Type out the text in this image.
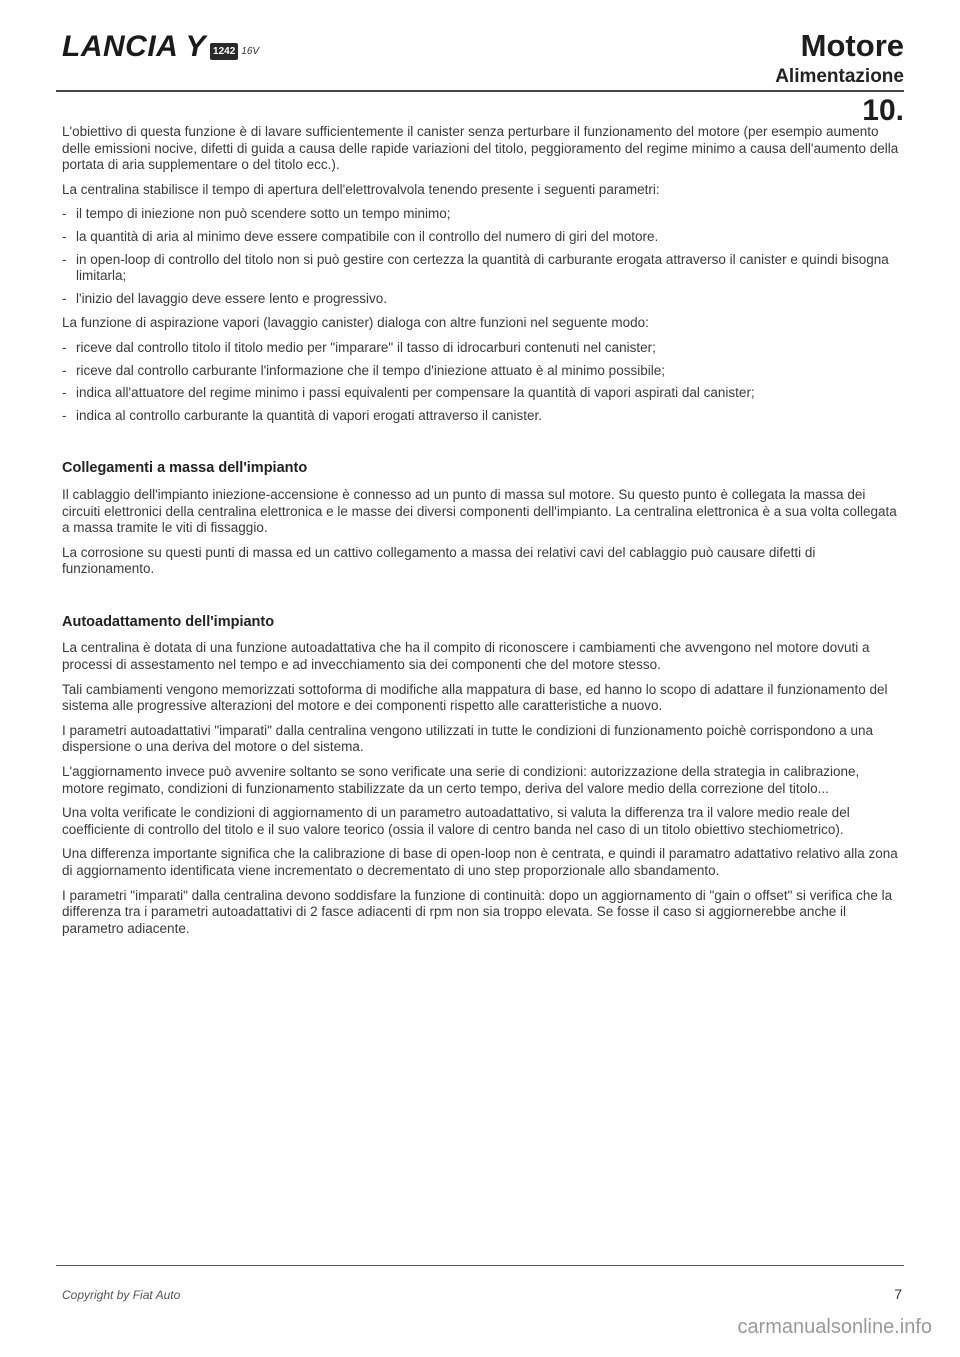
LANCIA Y 1242 16V	Motore
Alimentazione
10.

L'obiettivo di questa funzione è di lavare sufficientemente il canister senza perturbare il funzionamento del motore (per esempio aumento delle emissioni nocive, difetti di guida a causa delle rapide variazioni del titolo, peggioramento del regime minimo a causa dell'aumento della portata di aria supplementare o del titolo ecc.).

La centralina stabilisce il tempo di apertura dell'elettrovalvola tenendo presente i seguenti parametri:

- il tempo di iniezione non può scendere sotto un tempo minimo;
- la quantità di aria al minimo deve essere compatibile con il controllo del numero di giri del motore.
- in open-loop di controllo del titolo non si può gestire con certezza la quantità di carburante erogata attraverso il canister e quindi bisogna limitarla;
- l'inizio del lavaggio deve essere lento e progressivo.

La funzione di aspirazione vapori (lavaggio canister) dialoga con altre funzioni nel seguente modo:

- riceve dal controllo titolo il titolo medio per "imparare" il tasso di idrocarburi contenuti nel canister;
- riceve dal controllo carburante l'informazione che il tempo d'iniezione attuato è al minimo possibile;
- indica all'attuatore del regime minimo i passi equivalenti per compensare la quantità di vapori aspirati dal canister;
- indica al controllo carburante la quantità di vapori erogati attraverso il canister.
Collegamenti a massa dell'impianto

Il cablaggio dell'impianto iniezione-accensione è connesso ad un punto di massa sul motore. Su questo punto è collegata la massa dei circuiti elettronici della centralina elettronica e le masse dei diversi componenti dell'impianto. La centralina elettronica è a sua volta collegata a massa tramite le viti di fissaggio.

La corrosione su questi punti di massa ed un cattivo collegamento a massa dei relativi cavi del cablaggio può causare difetti di funzionamento.

Autoadattamento dell'impianto

La centralina è dotata di una funzione autoadattativa che ha il compito di riconoscere i cambiamenti che avvengono nel motore dovuti a processi di assestamento nel tempo e ad invecchiamento sia dei componenti che del motore stesso.

Tali cambiamenti vengono memorizzati sottoforma di modifiche alla mappatura di base, ed hanno lo scopo di adattare il funzionamento del sistema alle progressive alterazioni del motore e dei componenti rispetto alle caratteristiche a nuovo.

I parametri autoadattativi "imparati" dalla centralina vengono utilizzati in tutte le condizioni di funzionamento poichè corrispondono a una dispersione o una deriva del motore o del sistema.

L'aggiornamento invece può avvenire soltanto se sono verificate una serie di condizioni: autorizzazione della strategia in calibrazione, motore regimato, condizioni di funzionamento stabilizzate da un certo tempo, deriva del valore medio della correzione del titolo...

Una volta verificate le condizioni di aggiornamento di un parametro autoadattativo, si valuta la differenza tra il valore medio reale del coefficiente di controllo del titolo e il suo valore teorico (ossia il valore di centro banda nel caso di un titolo obiettivo stechiometrico).

Una differenza importante significa che la calibrazione di base di open-loop non è centrata, e quindi il paramatro adattativo relativo alla zona di aggiornamento identificata viene incrementato o decrementato di uno step proporzionale allo sbandamento.

I parametri "imparati" dalla centralina devono soddisfare la funzione di continuità: dopo un aggiornamento di "gain o offset" si verifica che la differenza tra i parametri autoadattativi di 2 fasce adiacenti di rpm non sia troppo elevata. Se fosse il caso si aggiornerebbe anche il parametro adiacente.

Copyright by Fiat Auto	7
carmanualsonline.info
